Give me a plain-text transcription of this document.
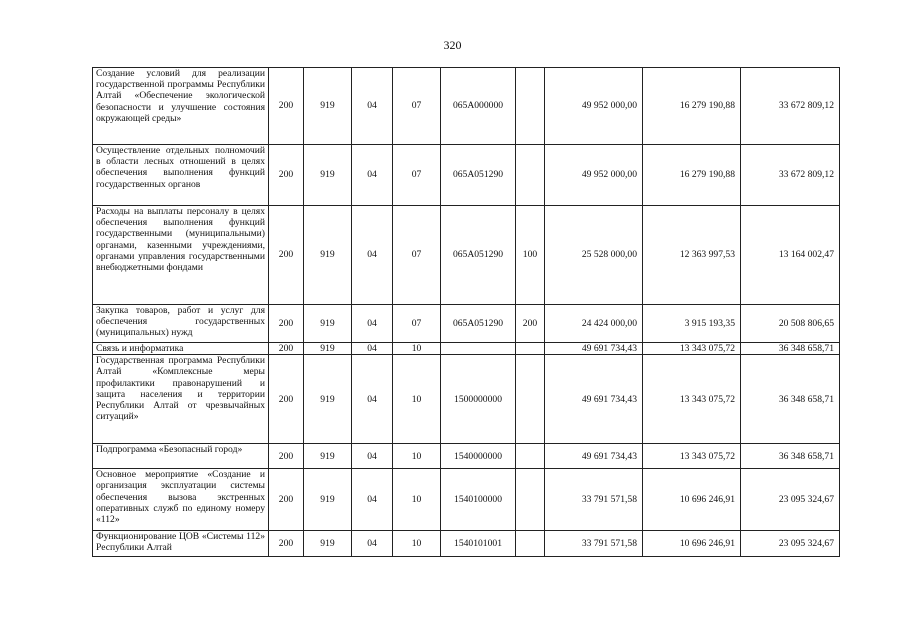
320
Создание условий для реализации государственной программы Республики Алтай «Обеспечение экологической безопасности и улучшение состояния окружающей среды»	200	919	04	07	065А000000		49 952 000,00	16 279 190,88	33 672 809,12
Осуществление отдельных полномочий в области лесных отношений в целях обеспечения выполнения функций государственных органов	200	919	04	07	065А051290		49 952 000,00	16 279 190,88	33 672 809,12
Расходы на выплаты персоналу в целях обеспечения выполнения функций государственными (муниципальными) органами, казенными учреждениями, органами управления государственными внебюджетными фондами	200	919	04	07	065А051290	100	25 528 000,00	12 363 997,53	13 164 002,47
Закупка товаров, работ и услуг для обеспечения государственных (муниципальных) нужд	200	919	04	07	065А051290	200	24 424 000,00	3 915 193,35	20 508 806,65
Связь и информатика	200	919	04	10			49 691 734,43	13 343 075,72	36 348 658,71
Государственная программа Республики Алтай «Комплексные меры профилактики правонарушений и защита населения и территории Республики Алтай от чрезвычайных ситуаций»	200	919	04	10	1500000000		49 691 734,43	13 343 075,72	36 348 658,71
Подпрограмма «Безопасный город»	200	919	04	10	1540000000		49 691 734,43	13 343 075,72	36 348 658,71
Основное мероприятие «Создание и организация эксплуатации системы обеспечения вызова экстренных оперативных служб по единому номеру «112»	200	919	04	10	1540100000		33 791 571,58	10 696 246,91	23 095 324,67
Функционирование ЦОВ «Системы 112» Республики Алтай	200	919	04	10	1540101001		33 791 571,58	10 696 246,91	23 095 324,67
